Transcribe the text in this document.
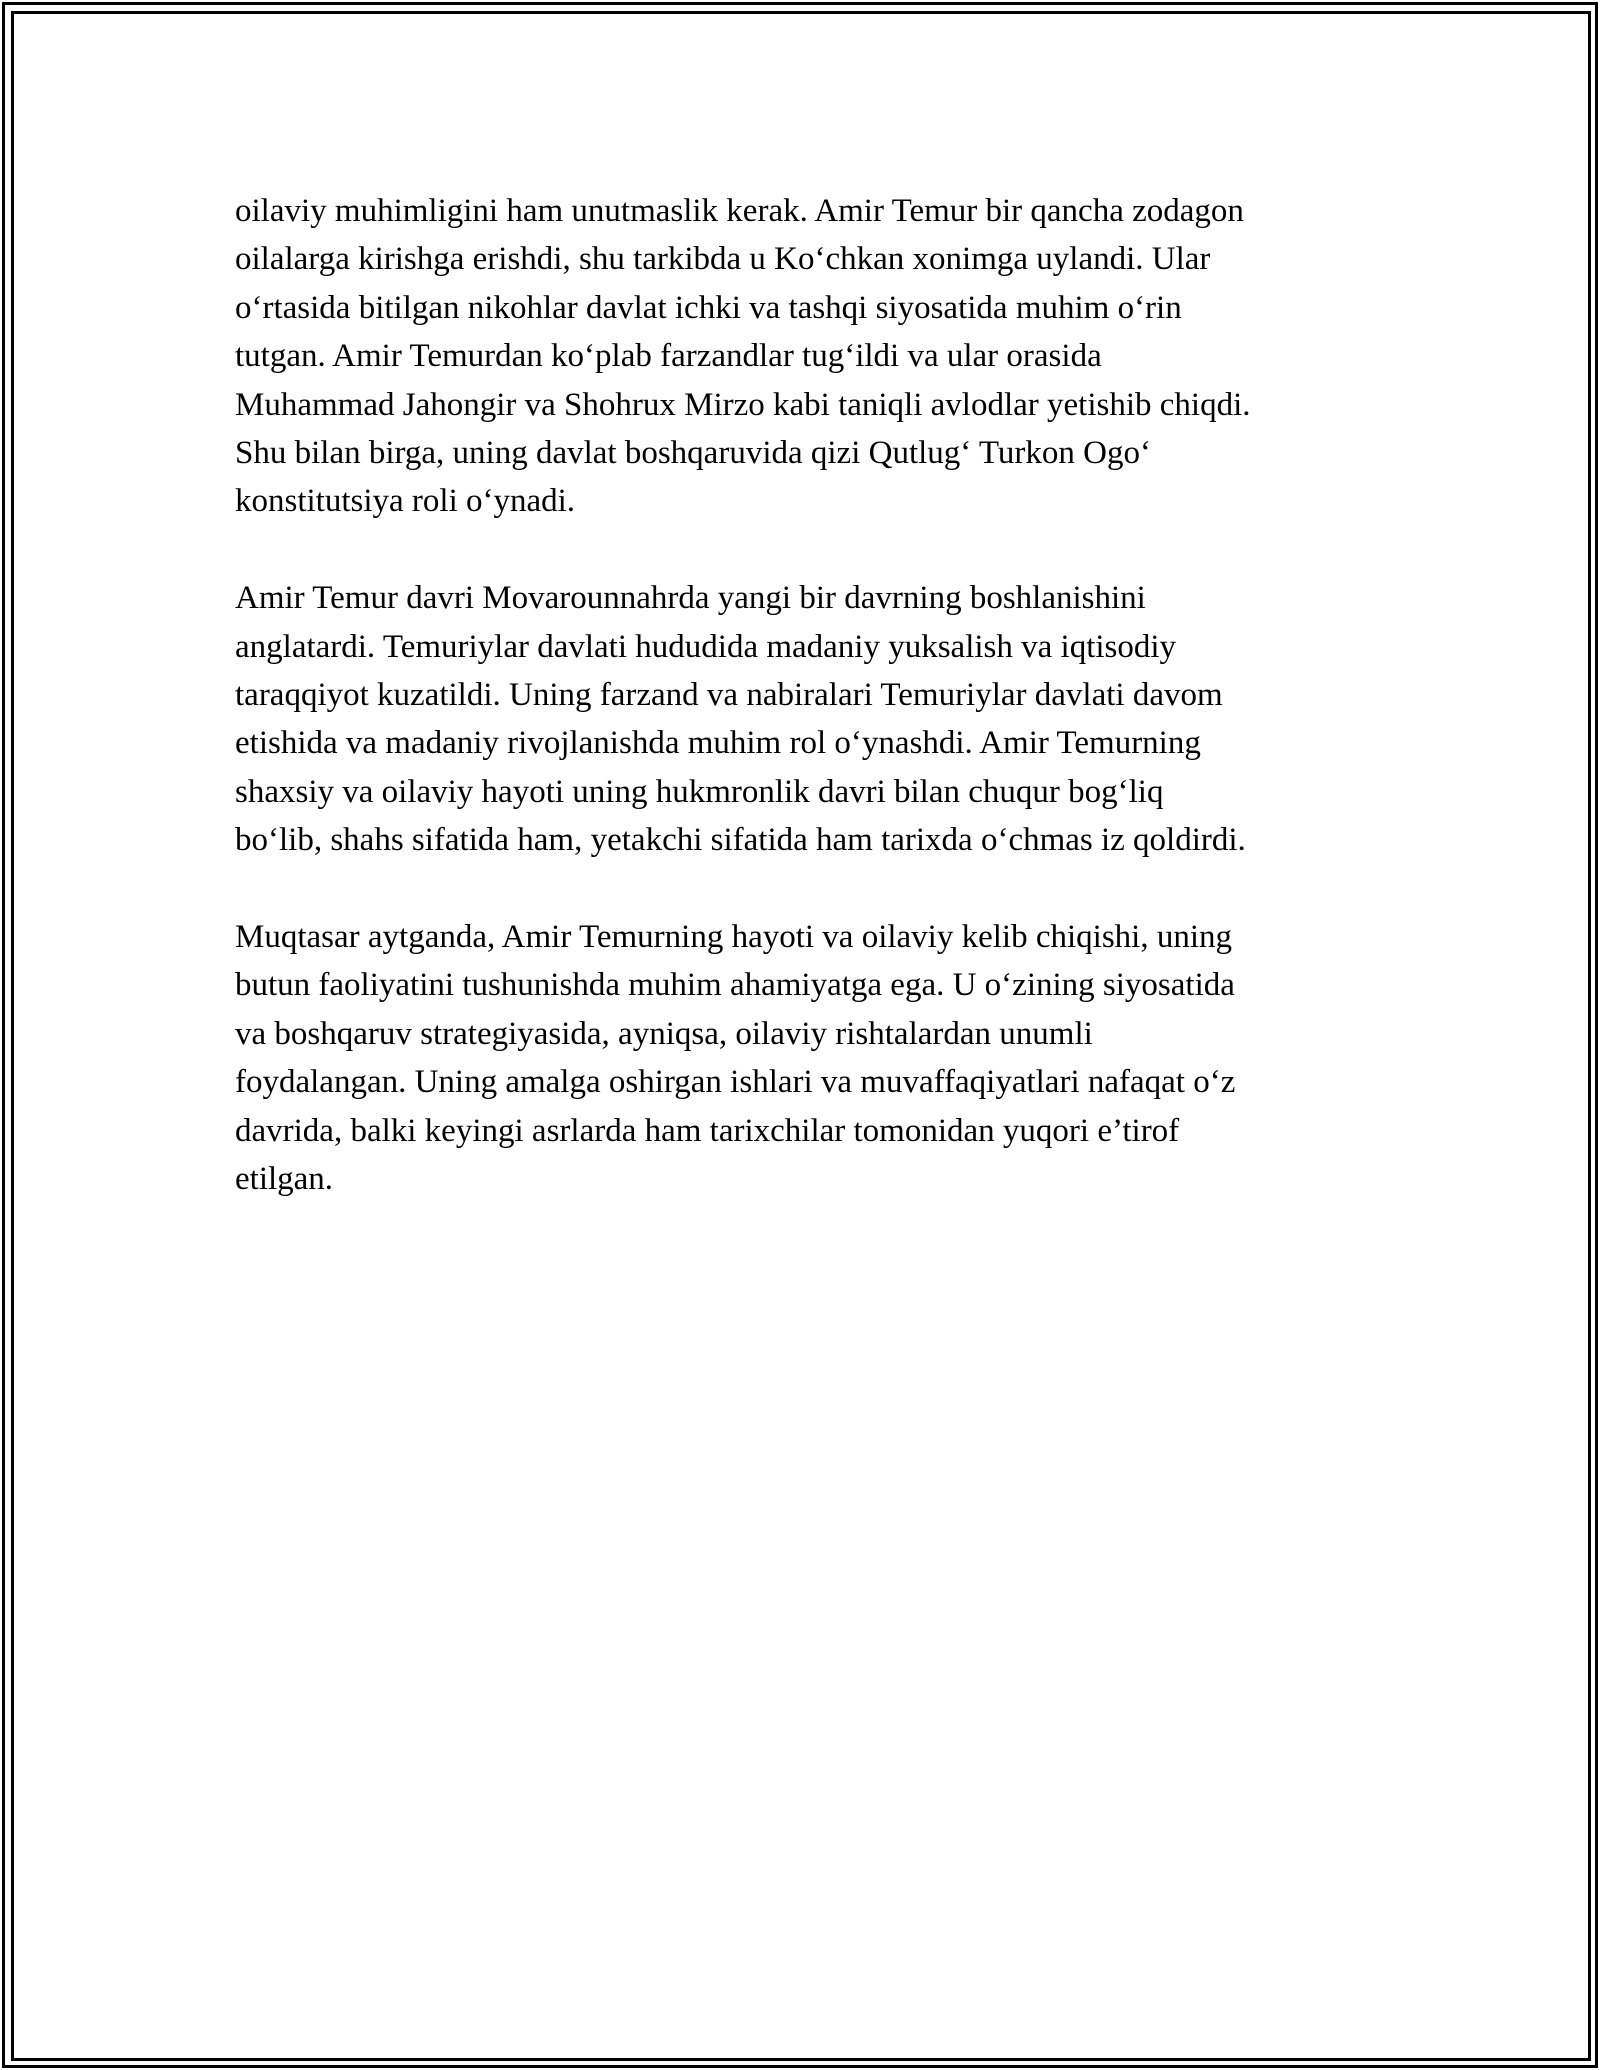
oilaviy muhimligini ham unutmaslik kerak. Amir Temur bir qancha zodagon
oilalarga kirishga erishdi, shu tarkibda u Ko‘chkan xonimga uylandi. Ular
o‘rtasida bitilgan nikohlar davlat ichki va tashqi siyosatida muhim o‘rin
tutgan. Amir Temurdan ko‘plab farzandlar tug‘ildi va ular orasida
Muhammad Jahongir va Shohrux Mirzo kabi taniqli avlodlar yetishib chiqdi.
Shu bilan birga, uning davlat boshqaruvida qizi Qutlug‘ Turkon Ogo‘
konstitutsiya roli o‘ynadi.

Amir Temur davri Movarounnahrda yangi bir davrning boshlanishini
anglatardi. Temuriylar davlati hududida madaniy yuksalish va iqtisodiy
taraqqiyot kuzatildi. Uning farzand va nabiralari Temuriylar davlati davom
etishida va madaniy rivojlanishda muhim rol o‘ynashdi. Amir Temurning
shaxsiy va oilaviy hayoti uning hukmronlik davri bilan chuqur bog‘liq
bo‘lib, shahs sifatida ham, yetakchi sifatida ham tarixda o‘chmas iz qoldirdi.

Muqtasar aytganda, Amir Temurning hayoti va oilaviy kelib chiqishi, uning
butun faoliyatini tushunishda muhim ahamiyatga ega. U o‘zining siyosatida
va boshqaruv strategiyasida, ayniqsa, oilaviy rishtalardan unumli
foydalangan. Uning amalga oshirgan ishlari va muvaffaqiyatlari nafaqat o‘z
davrida, balki keyingi asrlarda ham tarixchilar tomonidan yuqori e’tirof
etilgan.
